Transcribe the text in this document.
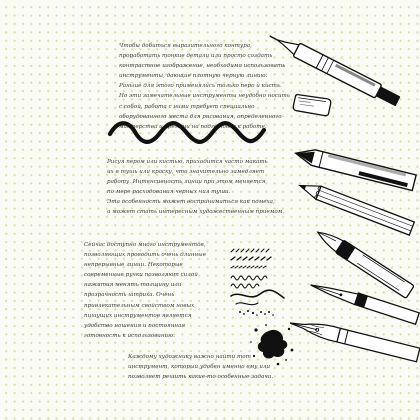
Чтобы добиться выразительного контура,
проработать тонкие детали или просто создать
контрастное изображение, необходимо использовать
инструменты, дающие плотную черную линию.
Раньше для этого применялись только перо и кисть.
Но эти замечательные инструменты неудобно носить
с собой, работа с ними требует специально
оборудованного места для рисования, определенного
мастерства и времени на подготовку к работе.
Рисуя пером или кистью, приходится часто макать
их в тушь или краску, что значительно замедляет
работу. Интенсивность линии при этом меняется
по мере расходования черных чил туши.
Эта особенность может восприниматься как помеха,
а может стать интересным художественным приемом.
Сейчас доступно много инструментов,
позволяющих проводить очень длинные
непрерывные линии. Некоторые
современные ручки позволяют силой
нажатия менять толщину или
прозрачность штриха. Очень
привлекательным свойством новых
пишущих инструментов является
удобство ношения и постоянная
готовность к использованию.
Каждому художнику важно найти тот
инструмент, который удобен именно ему или
позволяет решить какие-то особенные задачи.
